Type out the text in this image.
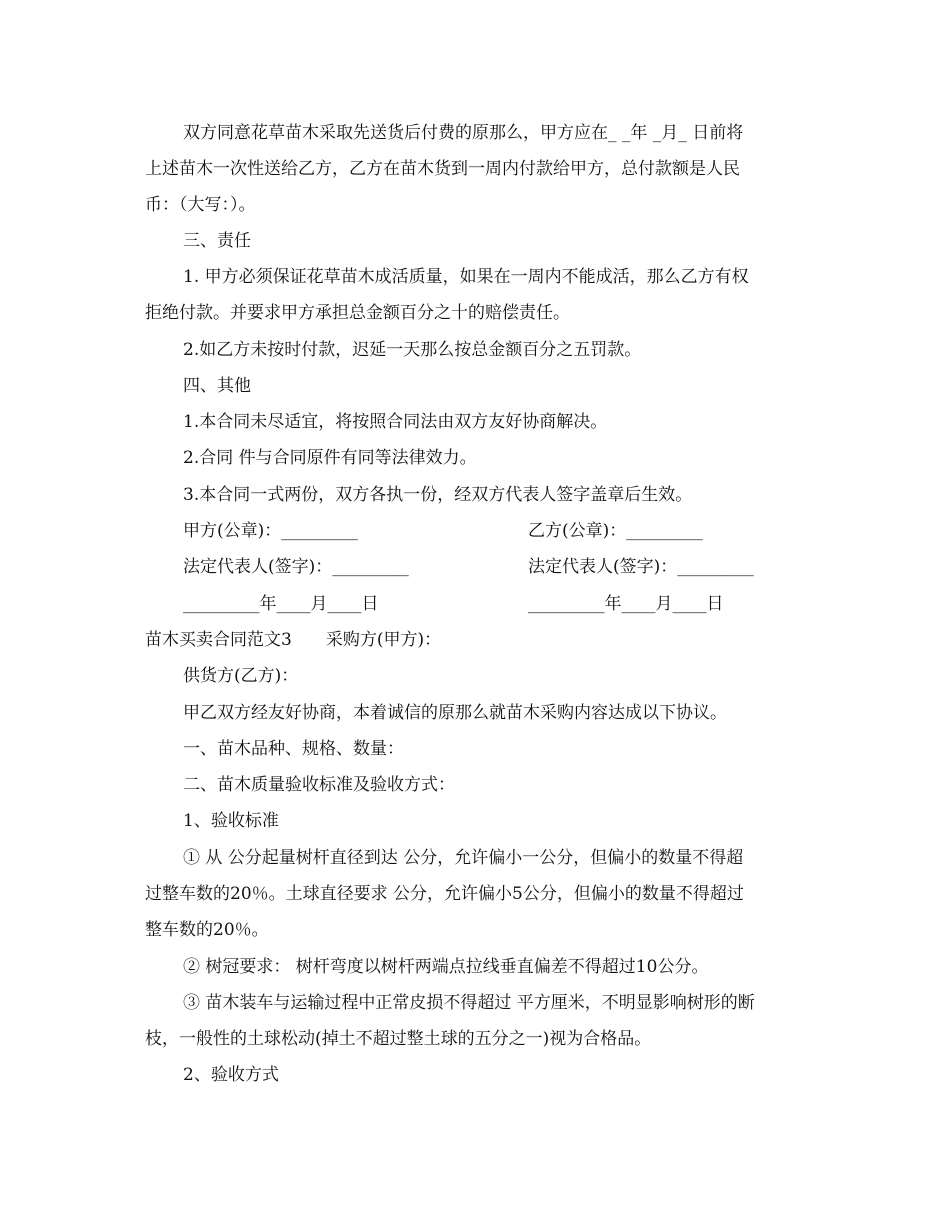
双方同意花草苗木采取先送货后付费的原那么，甲方应在_ _年 _月_ 日前将
上述苗木一次性送给乙方，乙方在苗木货到一周内付款给甲方，总付款额是人民
币：（大写：）。
三、责任
1. 甲方必须保证花草苗木成活质量，如果在一周内不能成活，那么乙方有权
拒绝付款。并要求甲方承担总金额百分之十的赔偿责任。
2.如乙方未按时付款，迟延一天那么按总金额百分之五罚款。
四、其他
1.本合同未尽适宜，将按照合同法由双方友好协商解决。
2.合同 件与合同原件有同等法律效力。
3.本合同一式两份，双方各执一份，经双方代表人签字盖章后生效。
甲方(公章)：_________	乙方(公章)：_________
法定代表人(签字)：_________	法定代表人(签字)：_________
_________年____月____日	_________年____月____日
苗木买卖合同范文3　　采购方(甲方)：
供货方(乙方)：
甲乙双方经友好协商，本着诚信的原那么就苗木采购内容达成以下协议。
一、苗木品种、规格、数量：
二、苗木质量验收标准及验收方式：
1、验收标准
① 从 公分起量树杆直径到达 公分，允许偏小一公分，但偏小的数量不得超
过整车数的20％。土球直径要求 公分，允许偏小5公分，但偏小的数量不得超过
整车数的20％。
② 树冠要求： 树杆弯度以树杆两端点拉线垂直偏差不得超过10公分。
③ 苗木装车与运输过程中正常皮损不得超过 平方厘米，不明显影响树形的断
枝，一般性的土球松动(掉土不超过整土球的五分之一)视为合格品。
2、验收方式
